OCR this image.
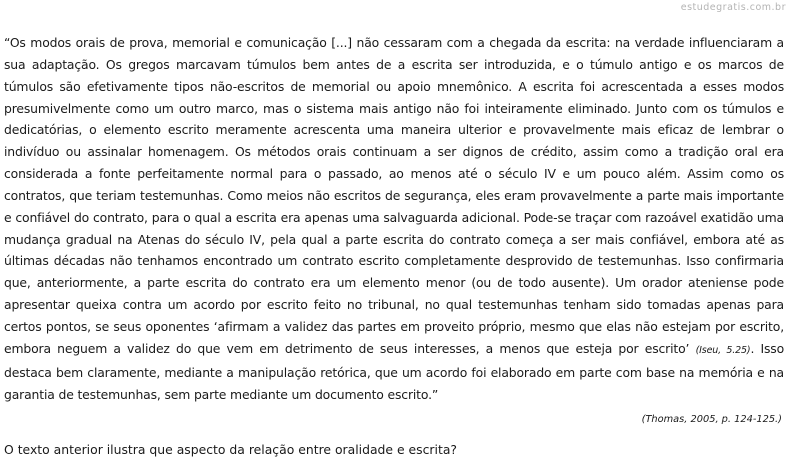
estudegratis.com.br

“Os modos orais de prova, memorial e comunicação [...] não cessaram com a chegada da escrita: na verdade influenciaram a sua adaptação. Os gregos marcavam túmulos bem antes de a escrita ser introduzida, e o túmulo antigo e os marcos de túmulos são efetivamente tipos não-escritos de memorial ou apoio mnemônico. A escrita foi acrescentada a esses modos presumivelmente como um outro marco, mas o sistema mais antigo não foi inteiramente eliminado. Junto com os túmulos e dedicatórias, o elemento escrito meramente acrescenta uma maneira ulterior e provavelmente mais eficaz de lembrar o indivíduo ou assinalar homenagem. Os métodos orais continuam a ser dignos de crédito, assim como a tradição oral era considerada a fonte perfeitamente normal para o passado, ao menos até o século IV e um pouco além. Assim como os contratos, que teriam testemunhas. Como meios não escritos de segurança, eles eram provavelmente a parte mais importante e confiável do contrato, para o qual a escrita era apenas uma salvaguarda adicional. Pode-se traçar com razoável exatidão uma mudança gradual na Atenas do século IV, pela qual a parte escrita do contrato começa a ser mais confiável, embora até as últimas décadas não tenhamos encontrado um contrato escrito completamente desprovido de testemunhas. Isso confirmaria que, anteriormente, a parte escrita do contrato era um elemento menor (ou de todo ausente). Um orador ateniense pode apresentar queixa contra um acordo por escrito feito no tribunal, no qual testemunhas tenham sido tomadas apenas para certos pontos, se seus oponentes ‘afirmam a validez das partes em proveito próprio, mesmo que elas não estejam por escrito, embora neguem a validez do que vem em detrimento de seus interesses, a menos que esteja por escrito’ (Iseu, 5.25). Isso destaca bem claramente, mediante a manipulação retórica, que um acordo foi elaborado em parte com base na memória e na garantia de testemunhas, sem parte mediante um documento escrito.”

(Thomas, 2005, p. 124-125.)

O texto anterior ilustra que aspecto da relação entre oralidade e escrita?
